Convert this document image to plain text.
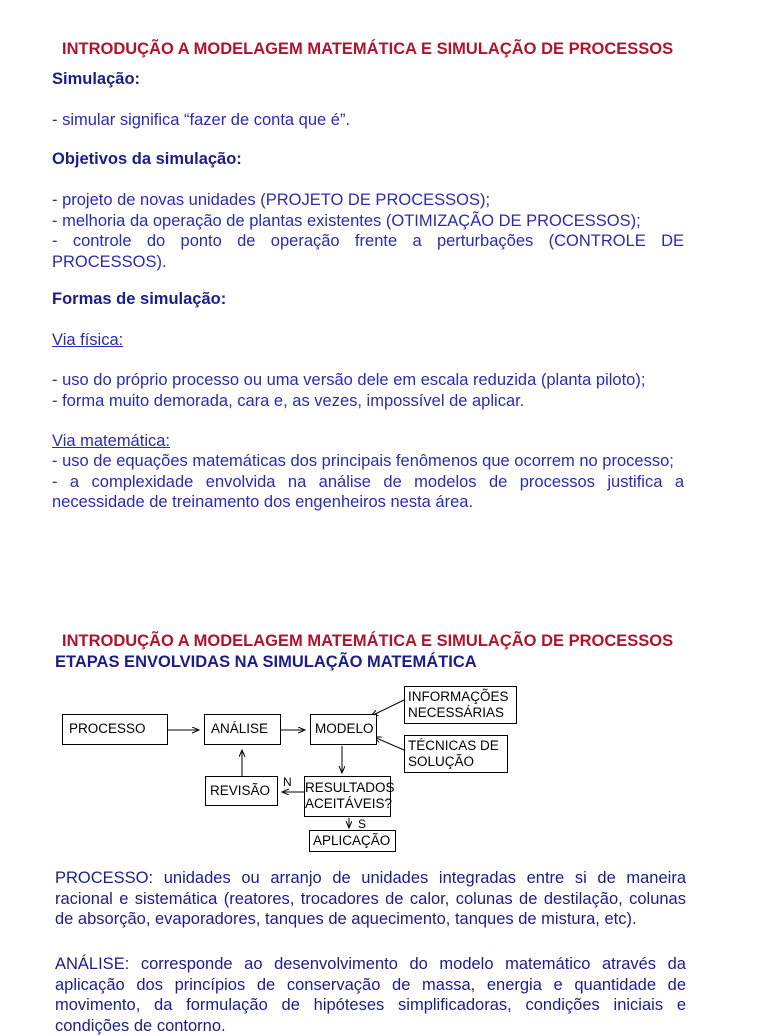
INTRODUÇÃO A MODELAGEM MATEMÁTICA E SIMULAÇÃO DE PROCESSOS
Simulação:
- simular significa “fazer de conta que é”.
Objetivos da simulação:
- projeto de novas unidades (PROJETO DE PROCESSOS);
- melhoria da operação de plantas existentes (OTIMIZAÇÃO DE PROCESSOS);
- controle do ponto de operação frente a perturbações (CONTROLE DE PROCESSOS).
Formas de simulação:
Via física:
- uso do próprio processo ou uma versão dele em escala reduzida (planta piloto);
- forma muito demorada, cara e, as vezes, impossível de aplicar.
Via matemática:
- uso de equações matemáticas dos principais fenômenos que ocorrem no processo;
- a complexidade envolvida na análise de modelos de processos justifica a necessidade de treinamento dos engenheiros nesta área.
INTRODUÇÃO A MODELAGEM MATEMÁTICA E SIMULAÇÃO DE PROCESSOS
ETAPAS ENVOLVIDAS NA SIMULAÇÃO MATEMÁTICA
PROCESSO	ANÁLISE	MODELO
INFORMAÇÕES
NECESSÁRIAS
TÉCNICAS DE
SOLUÇÃO
REVISÃO	RESULTADOS
ACEITÁVEIS?
APLICAÇÃO
N
S
PROCESSO: unidades ou arranjo de unidades integradas entre si de maneira racional e sistemática (reatores, trocadores de calor, colunas de destilação, colunas de absorção, evaporadores, tanques de aquecimento, tanques de mistura, etc).
ANÁLISE: corresponde ao desenvolvimento do modelo matemático através da aplicação dos princípios de conservação de massa, energia e quantidade de movimento, da formulação de hipóteses simplificadoras, condições iniciais e condições de contorno.
